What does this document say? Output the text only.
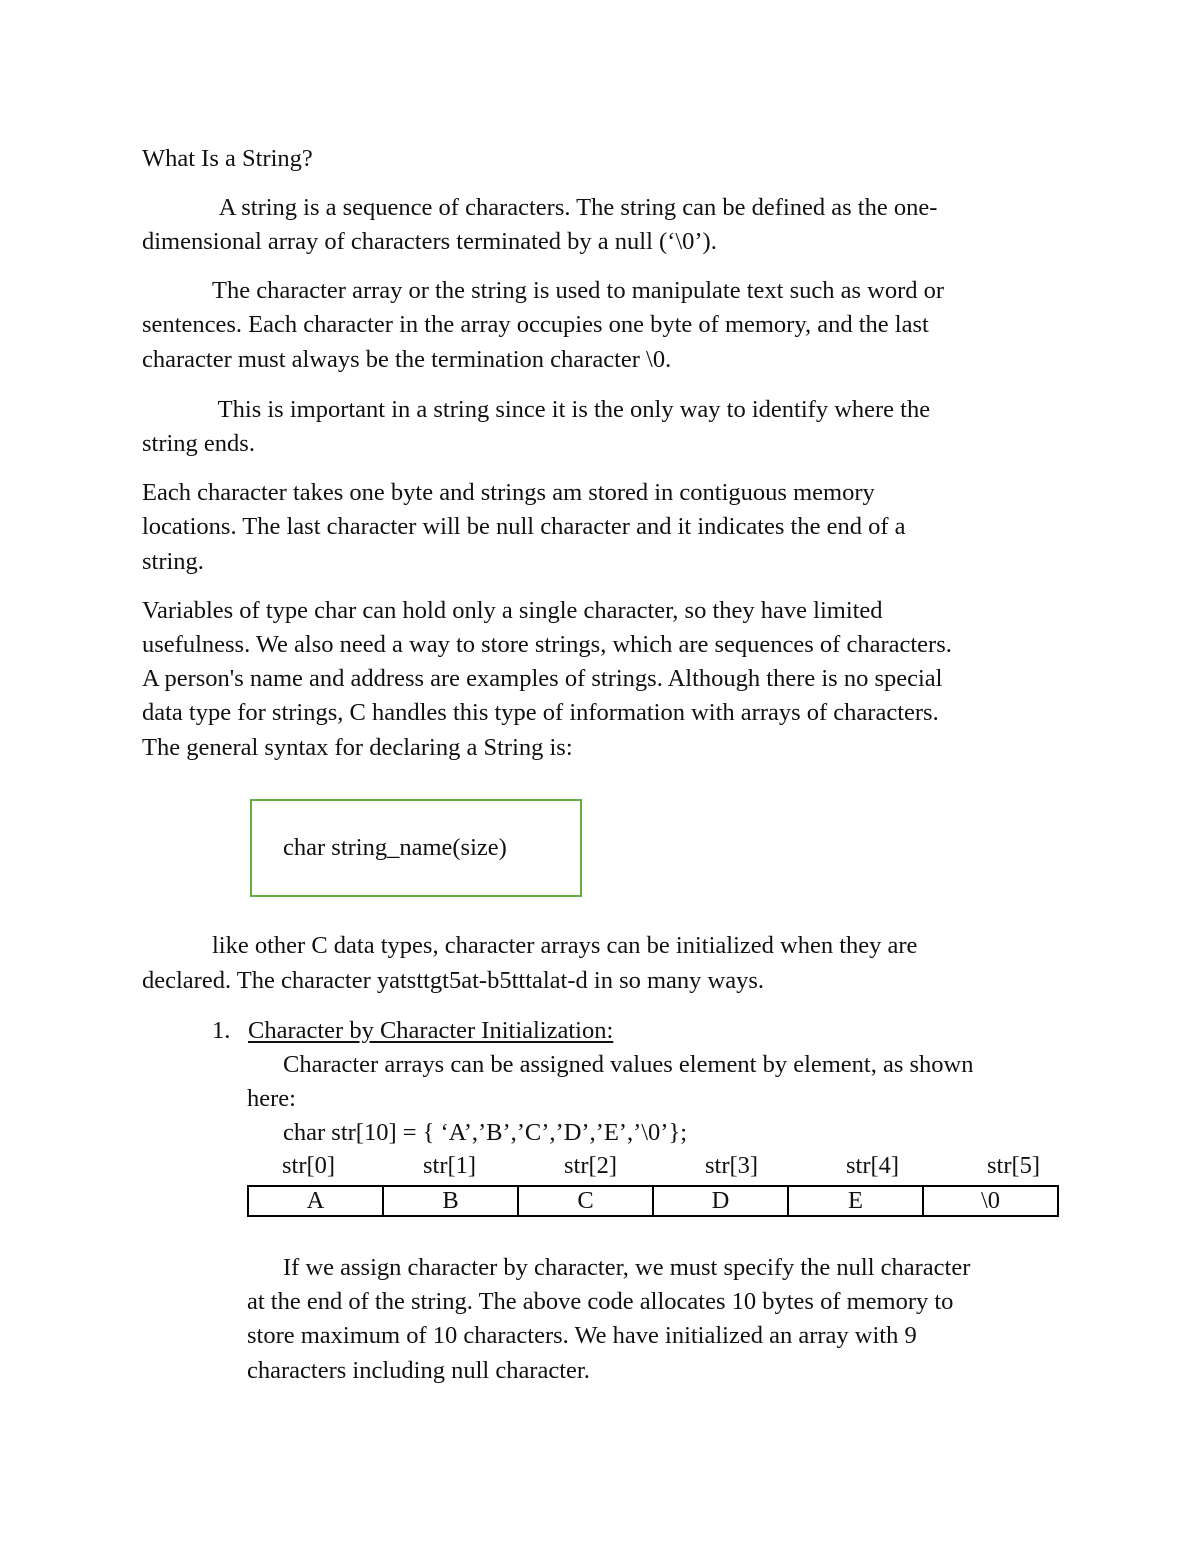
What Is a String?
A string is a sequence of characters. The string can be defined as the one-
dimensional array of characters terminated by a null (‘\0’).
The character array or the string is used to manipulate text such as word or
sentences. Each character in the array occupies one byte of memory, and the last
character must always be the termination character \0.
This is important in a string since it is the only way to identify where the
string ends.
Each character takes one byte and strings am stored in contiguous memory
locations. The last character will be null character and it indicates the end of a
string.
Variables of type char can hold only a single character, so they have limited
usefulness. We also need a way to store strings, which are sequences of characters.
A person's name and address are examples of strings. Although there is no special
data type for strings, C handles this type of information with arrays of characters.
The general syntax for declaring a String is:
char string_name(size)
like other C data types, character arrays can be initialized when they are
declared. The character yatsttgt5at-b5tttalat-d in so many ways.
1. Character by Character Initialization:
Character arrays can be assigned values element by element, as shown
here:
char str[10] = { ‘A’,’B’,’C’,’D’,’E’,’\0’};
str[0]	str[1]	str[2]	str[3]	str[4]	str[5]
A	B	C	D	E	\0
If we assign character by character, we must specify the null character
at the end of the string. The above code allocates 10 bytes of memory to
store maximum of 10 characters. We have initialized an array with 9
characters including null character.
